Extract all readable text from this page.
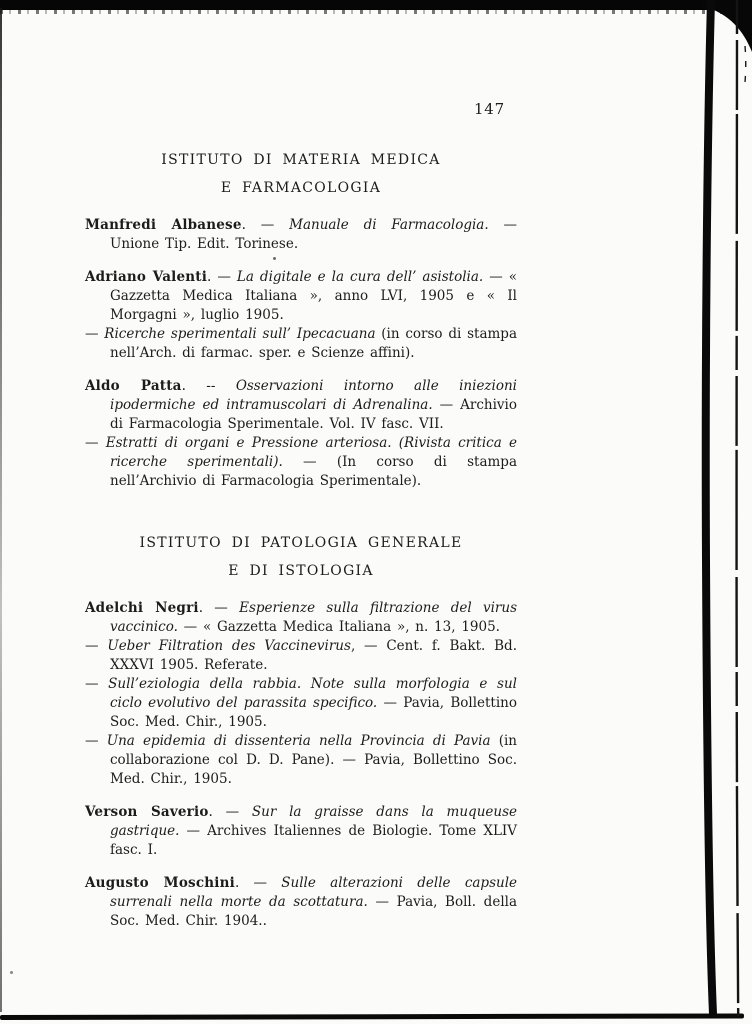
147
ISTITUTO DI MATERIA MEDICA
E FARMACOLOGIA

Manfredi Albanese. — Manuale di Farmacologia. — Unione Tip. Edit. Torinese.

Adriano Valenti. — La digitale e la cura dell’ asistolia. — « Gazzetta Medica Italiana », anno LVI, 1905 e « Il Morgagni », luglio 1905.

— Ricerche sperimentali sull’ Ipecacuana (in corso di stampa nell’Arch. di farmac. sper. e Scienze affini).

Aldo Patta. -- Osservazioni intorno alle iniezioni ipodermiche ed intramuscolari di Adrenalina. — Archivio di Farmacologia Sperimentale. Vol. IV fasc. VII.

— Estratti di organi e Pressione arteriosa. (Rivista critica e ricerche sperimentali). — (In corso di stampa nell’Archivio di Farmacologia Sperimentale).

ISTITUTO DI PATOLOGIA GENERALE
E DI ISTOLOGIA

Adelchi Negri. — Esperienze sulla filtrazione del virus vaccinico. — « Gazzetta Medica Italiana », n. 13, 1905.

— Ueber Filtration des Vaccinevirus, — Cent. f. Bakt. Bd. XXXVI 1905. Referate.

— Sull’eziologia della rabbia. Note sulla morfologia e sul ciclo evolutivo del parassita specifico. — Pavia, Bollettino Soc. Med. Chir., 1905.

— Una epidemia di dissenteria nella Provincia di Pavia (in collaborazione col D. D. Pane). — Pavia, Bollettino Soc. Med. Chir., 1905.

Verson Saverio. — Sur la graisse dans la muqueuse gastrique. — Archives Italiennes de Biologie. Tome XLIV fasc. I.

Augusto Moschini. — Sulle alterazioni delle capsule surrenali nella morte da scottatura. — Pavia, Boll. della Soc. Med. Chir. 1904..
